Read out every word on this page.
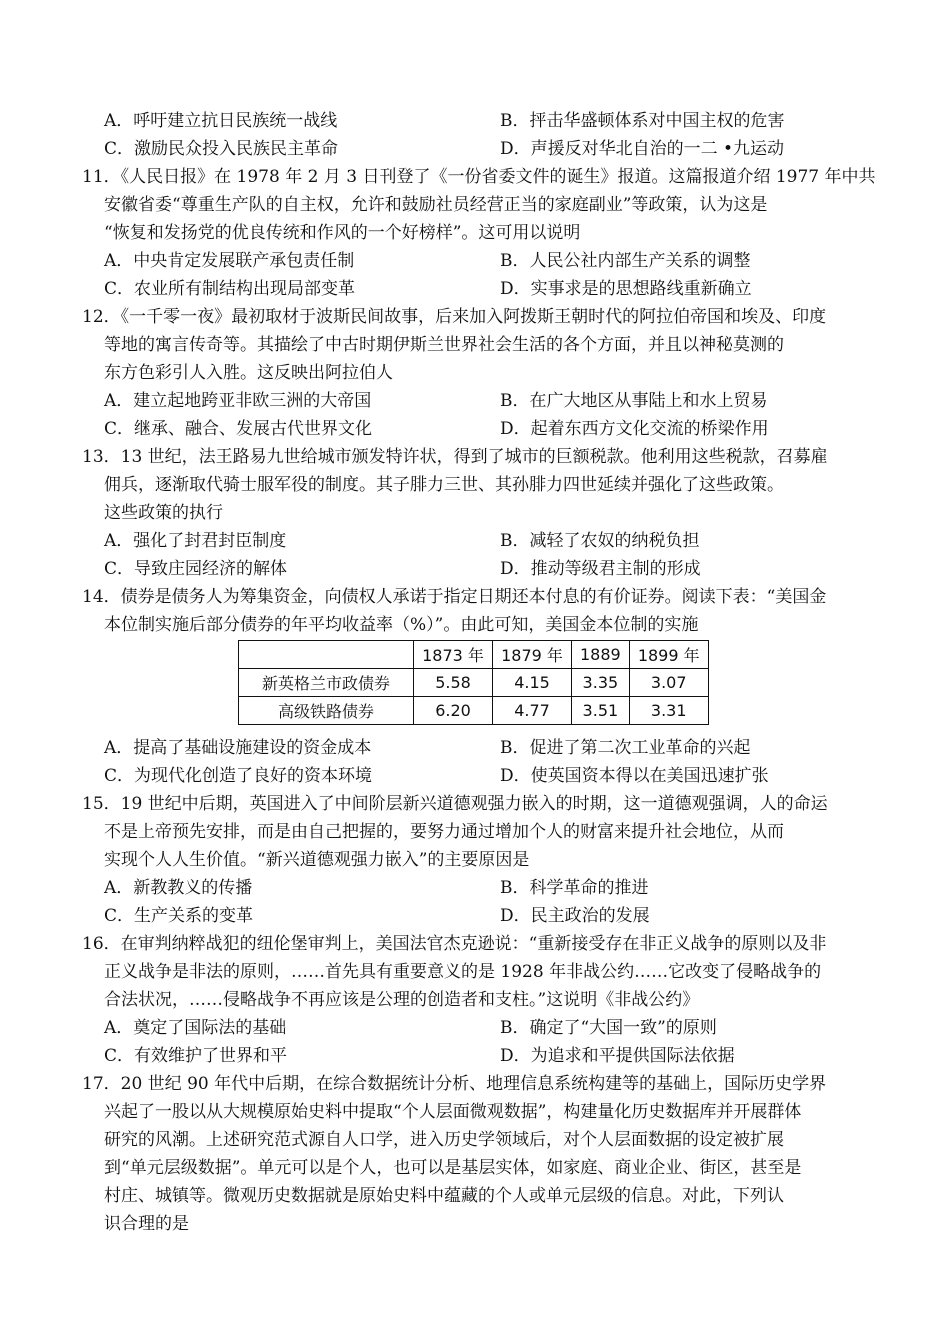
A．呼吁建立抗日民族统一战线	B．抨击华盛顿体系对中国主权的危害
C．激励民众投入民族民主革命	D．声援反对华北自治的一二 •九运动
11．《人民日报》在 1978 年 2 月 3 日刊登了《一份省委文件的诞生》报道。这篇报道介绍 1977 年中共
安徽省委“尊重生产队的自主权，允许和鼓励社员经营正当的家庭副业”等政策，认为这是
“恢复和发扬党的优良传统和作风的一个好榜样”。这可用以说明
A．中央肯定发展联产承包责任制	B．人民公社内部生产关系的调整
C．农业所有制结构出现局部变革	D．实事求是的思想路线重新确立
12．《一千零一夜》最初取材于波斯民间故事，后来加入阿拨斯王朝时代的阿拉伯帝国和埃及、印度
等地的寓言传奇等。其描绘了中古时期伊斯兰世界社会生活的各个方面，并且以神秘莫测的
东方色彩引人入胜。这反映出阿拉伯人
A．建立起地跨亚非欧三洲的大帝国	B．在广大地区从事陆上和水上贸易
C．继承、融合、发展古代世界文化	D．起着东西方文化交流的桥梁作用
13．13 世纪，法王路易九世给城市颁发特许状，得到了城市的巨额税款。他利用这些税款，召募雇
佣兵，逐渐取代骑士服军役的制度。其子腓力三世、其孙腓力四世延续并强化了这些政策。
这些政策的执行
A．强化了封君封臣制度	B．减轻了农奴的纳税负担
C．导致庄园经济的解体	D．推动等级君主制的形成
14．债券是债务人为筹集资金，向债权人承诺于指定日期还本付息的有价证券。阅读下表：“美国金
本位制实施后部分债券的年平均收益率（%）”。由此可知，美国金本位制的实施
	1873 年	1879 年	1889	1899 年
新英格兰市政债券	5.58	4.15	3.35	3.07
高级铁路债券	6.20	4.77	3.51	3.31
A．提高了基础设施建设的资金成本	B．促进了第二次工业革命的兴起
C．为现代化创造了良好的资本环境	D．使英国资本得以在美国迅速扩张
15．19 世纪中后期，英国进入了中间阶层新兴道德观强力嵌入的时期，这一道德观强调，人的命运
不是上帝预先安排，而是由自己把握的，要努力通过增加个人的财富来提升社会地位，从而
实现个人人生价值。“新兴道德观强力嵌入”的主要原因是
A．新教教义的传播	B．科学革命的推进
C．生产关系的变革	D．民主政治的发展
16．在审判纳粹战犯的纽伦堡审判上，美国法官杰克逊说：“重新接受存在非正义战争的原则以及非
正义战争是非法的原则，……首先具有重要意义的是 1928 年非战公约……它改变了侵略战争的
合法状况，……侵略战争不再应该是公理的创造者和支柱。”这说明《非战公约》
A．奠定了国际法的基础	B．确定了“大国一致”的原则
C．有效维护了世界和平	D．为追求和平提供国际法依据
17．20 世纪 90 年代中后期，在综合数据统计分析、地理信息系统构建等的基础上，国际历史学界
兴起了一股以从大规模原始史料中提取“个人层面微观数据”，构建量化历史数据库并开展群体
研究的风潮。上述研究范式源自人口学，进入历史学领域后，对个人层面数据的设定被扩展
到“单元层级数据”。单元可以是个人，也可以是基层实体，如家庭、商业企业、街区，甚至是
村庄、城镇等。微观历史数据就是原始史料中蕴藏的个人或单元层级的信息。对此，下列认
识合理的是
